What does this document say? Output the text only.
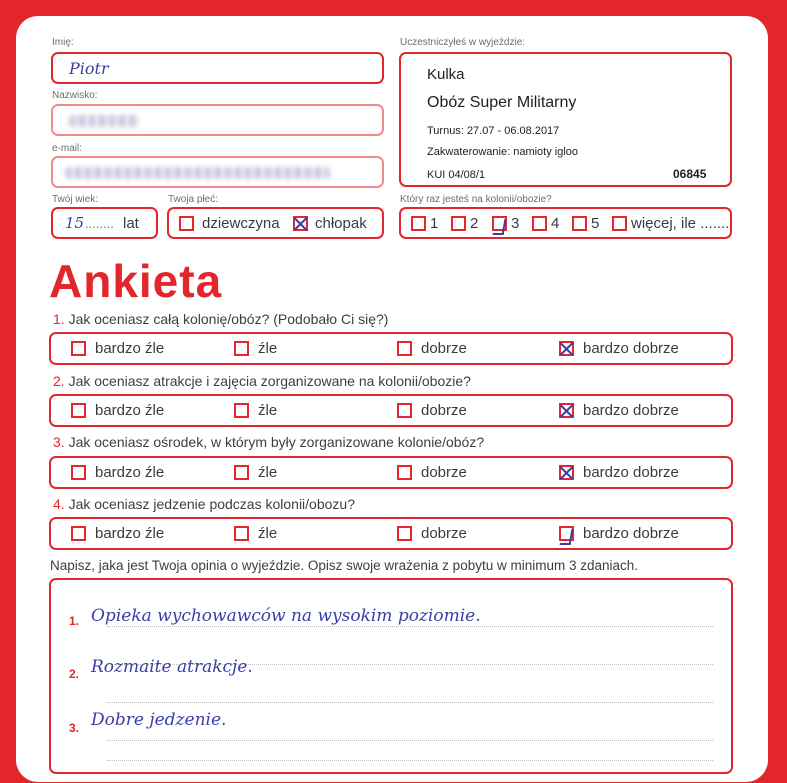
Imię:
Piotr
Nazwisko:
e-mail:
Twój wiek:
15 ........ lat
Twoja płeć:
dziewczyna chłopak
Uczestniczyłeś w wyjeździe:
Kulka
Obóz Super Militarny
Turnus: 27.07 - 06.08.2017
Zakwaterowanie: namioty igloo
KUI 04/08/1	06845
Który raz jesteś na kolonii/obozie?
1 2 3 4 5 więcej, ile .......
Ankieta
1. Jak oceniasz całą kolonię/obóz? (Podobało Ci się?)
bardzo źle	źle	dobrze	bardzo dobrze
2. Jak oceniasz atrakcje i zajęcia zorganizowane na kolonii/obozie?
bardzo źle	źle	dobrze	bardzo dobrze
3. Jak oceniasz ośrodek, w którym były zorganizowane kolonie/obóz?
bardzo źle	źle	dobrze	bardzo dobrze
4. Jak oceniasz jedzenie podczas kolonii/obozu?
bardzo źle	źle	dobrze	bardzo dobrze
Napisz, jaka jest Twoja opinia o wyjeździe. Opisz swoje wrażenia z pobytu w minimum 3 zdaniach.
1. Opieka wychowawców na wysokim poziomie.
2. Rozmaite atrakcje.
3. Dobre jedzenie.
